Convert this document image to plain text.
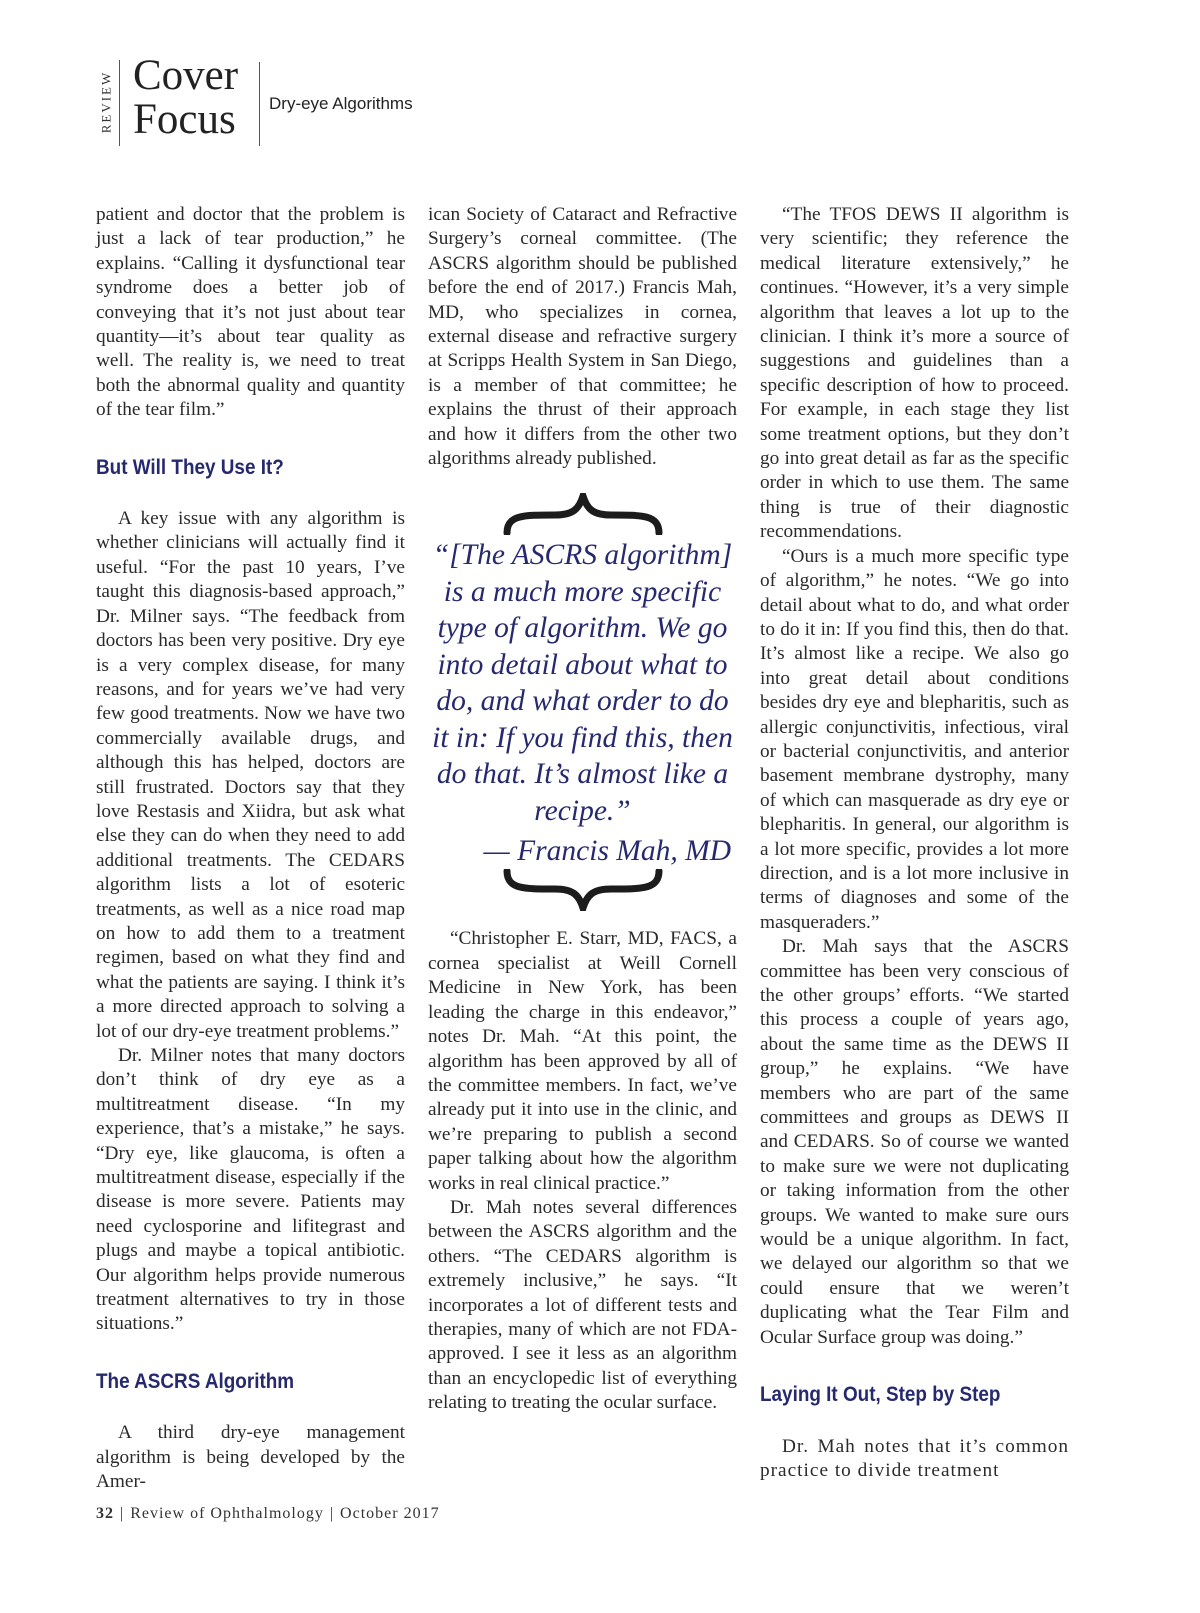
REVIEW Cover
Focus Dry-eye Algorithms

patient and doctor that the problem is just a lack of tear production,” he explains. “Calling it dysfunctional tear syndrome does a better job of conveying that it’s not just about tear quantity—it’s about tear quality as well. The reality is, we need to treat both the abnormal quality and quantity of the tear film.”

But Will They Use It?

A key issue with any algorithm is whether clinicians will actually find it useful. “For the past 10 years, I’ve taught this diagnosis-based approach,” Dr. Milner says. “The feedback from doctors has been very positive. Dry eye is a very complex disease, for many reasons, and for years we’ve had very few good treatments. Now we have two commercially available drugs, and although this has helped, doctors are still frustrated. Doctors say that they love Restasis and Xiidra, but ask what else they can do when they need to add additional treatments. The CEDARS algorithm lists a lot of esoteric treatments, as well as a nice road map on how to add them to a treatment regimen, based on what they find and what the patients are saying. I think it’s a more directed approach to solving a lot of our dry-eye treatment problems.”

Dr. Milner notes that many doctors don’t think of dry eye as a multitreatment disease. “In my experience, that’s a mistake,” he says. “Dry eye, like glaucoma, is often a multitreatment disease, especially if the disease is more severe. Patients may need cyclosporine and lifitegrast and plugs and maybe a topical antibiotic. Our algorithm helps provide numerous treatment alternatives to try in those situations.”

The ASCRS Algorithm

A third dry-eye management algorithm is being developed by the Amer-

ican Society of Cataract and Refractive Surgery’s corneal committee. (The ASCRS algorithm should be published before the end of 2017.) Francis Mah, MD, who specializes in cornea, external disease and refractive surgery at Scripps Health System in San Diego, is a member of that committee; he explains the thrust of their approach and how it differs from the other two algorithms already published.

“[The ASCRS algorithm] is a much more specific type of algorithm. We go into detail about what to do, and what order to do it in: If you find this, then do that. It’s almost like a recipe.”
— Francis Mah, MD

“Christopher E. Starr, MD, FACS, a cornea specialist at Weill Cornell Medicine in New York, has been leading the charge in this endeavor,” notes Dr. Mah. “At this point, the algorithm has been approved by all of the committee members. In fact, we’ve already put it into use in the clinic, and we’re preparing to publish a second paper talking about how the algorithm works in real clinical practice.”

Dr. Mah notes several differences between the ASCRS algorithm and the others. “The CEDARS algorithm is extremely inclusive,” he says. “It incorporates a lot of different tests and therapies, many of which are not FDA-approved. I see it less as an algorithm than an encyclopedic list of everything relating to treating the ocular surface.

“The TFOS DEWS II algorithm is very scientific; they reference the medical literature extensively,” he continues. “However, it’s a very simple algorithm that leaves a lot up to the clinician. I think it’s more a source of suggestions and guidelines than a specific description of how to proceed. For example, in each stage they list some treatment options, but they don’t go into great detail as far as the specific order in which to use them. The same thing is true of their diagnostic recommendations.

“Ours is a much more specific type of algorithm,” he notes. “We go into detail about what to do, and what order to do it in: If you find this, then do that. It’s almost like a recipe. We also go into great detail about conditions besides dry eye and blepharitis, such as allergic conjunctivitis, infectious, viral or bacterial conjunctivitis, and anterior basement membrane dystrophy, many of which can masquerade as dry eye or blepharitis. In general, our algorithm is a lot more specific, provides a lot more direction, and is a lot more inclusive in terms of diagnoses and some of the masqueraders.”

Dr. Mah says that the ASCRS committee has been very conscious of the other groups’ efforts. “We started this process a couple of years ago, about the same time as the DEWS II group,” he explains. “We have members who are part of the same committees and groups as DEWS II and CEDARS. So of course we wanted to make sure we were not duplicating or taking information from the other groups. We wanted to make sure ours would be a unique algorithm. In fact, we delayed our algorithm so that we could ensure that we weren’t duplicating what the Tear Film and Ocular Surface group was doing.”

Laying It Out, Step by Step

Dr. Mah notes that it’s common practice to divide treatment

32 | Review of Ophthalmology | October 2017
